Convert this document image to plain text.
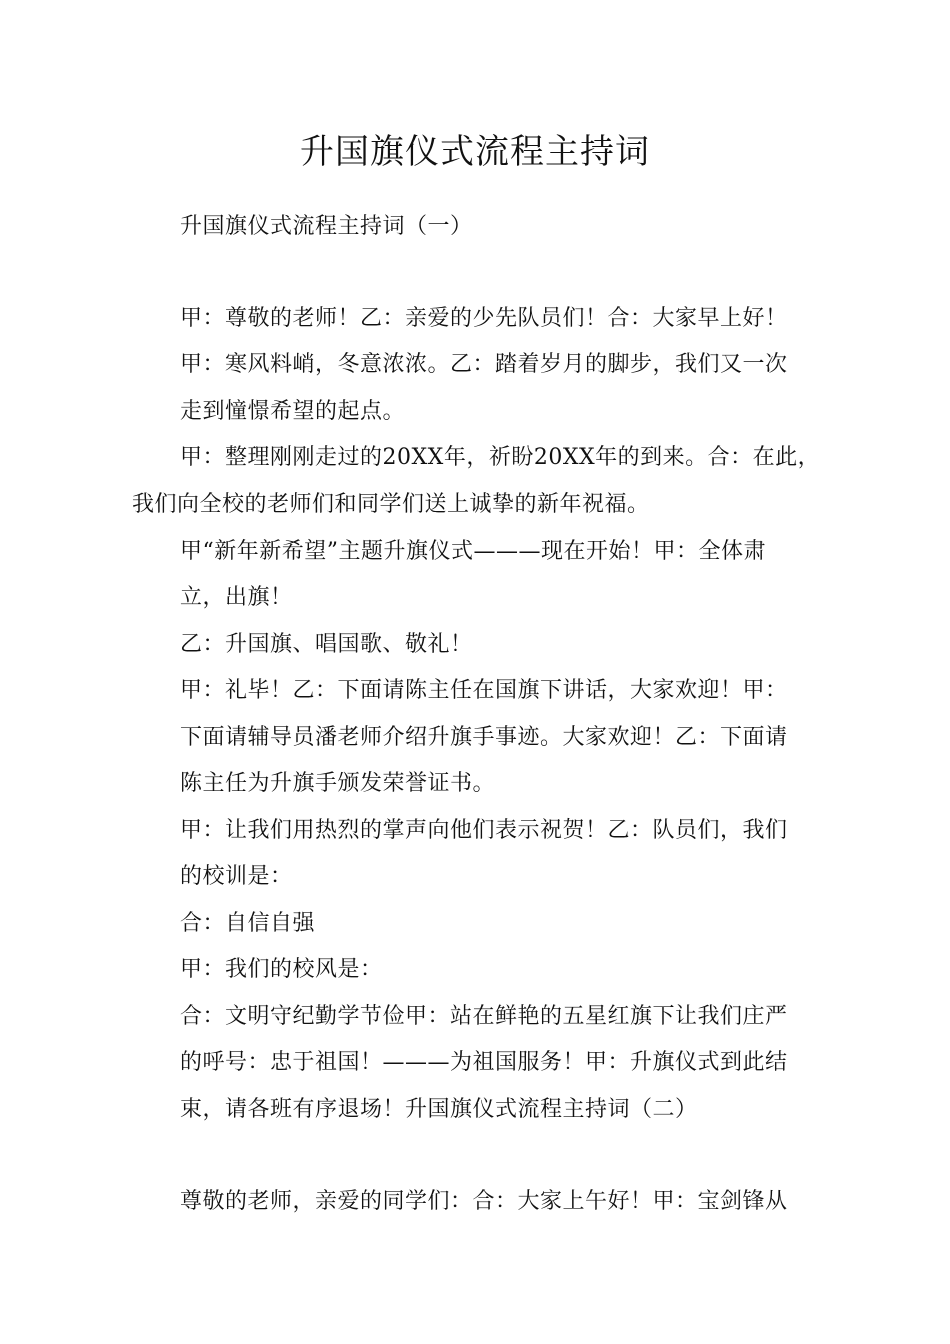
升国旗仪式流程主持词
升国旗仪式流程主持词（一）
甲：尊敬的老师！乙：亲爱的少先队员们！合：大家早上好！
甲：寒风料峭，冬意浓浓。乙：踏着岁月的脚步，我们又一次
走到憧憬希望的起点。
甲：整理刚刚走过的20XX年，祈盼20XX年的到来。合：在此，
我们向全校的老师们和同学们送上诚挚的新年祝福。
甲“新年新希望”主题升旗仪式———现在开始！甲：全体肃
立，出旗！
乙：升国旗、唱国歌、敬礼！
甲：礼毕！乙：下面请陈主任在国旗下讲话，大家欢迎！甲：
下面请辅导员潘老师介绍升旗手事迹。大家欢迎！乙：下面请
陈主任为升旗手颁发荣誉证书。
甲：让我们用热烈的掌声向他们表示祝贺！乙：队员们，我们
的校训是：
合：自信自强
甲：我们的校风是：
合：文明守纪勤学节俭甲：站在鲜艳的五星红旗下让我们庄严
的呼号：忠于祖国！———为祖国服务！甲：升旗仪式到此结
束，请各班有序退场！升国旗仪式流程主持词（二）
尊敬的老师，亲爱的同学们：合：大家上午好！甲：宝剑锋从
